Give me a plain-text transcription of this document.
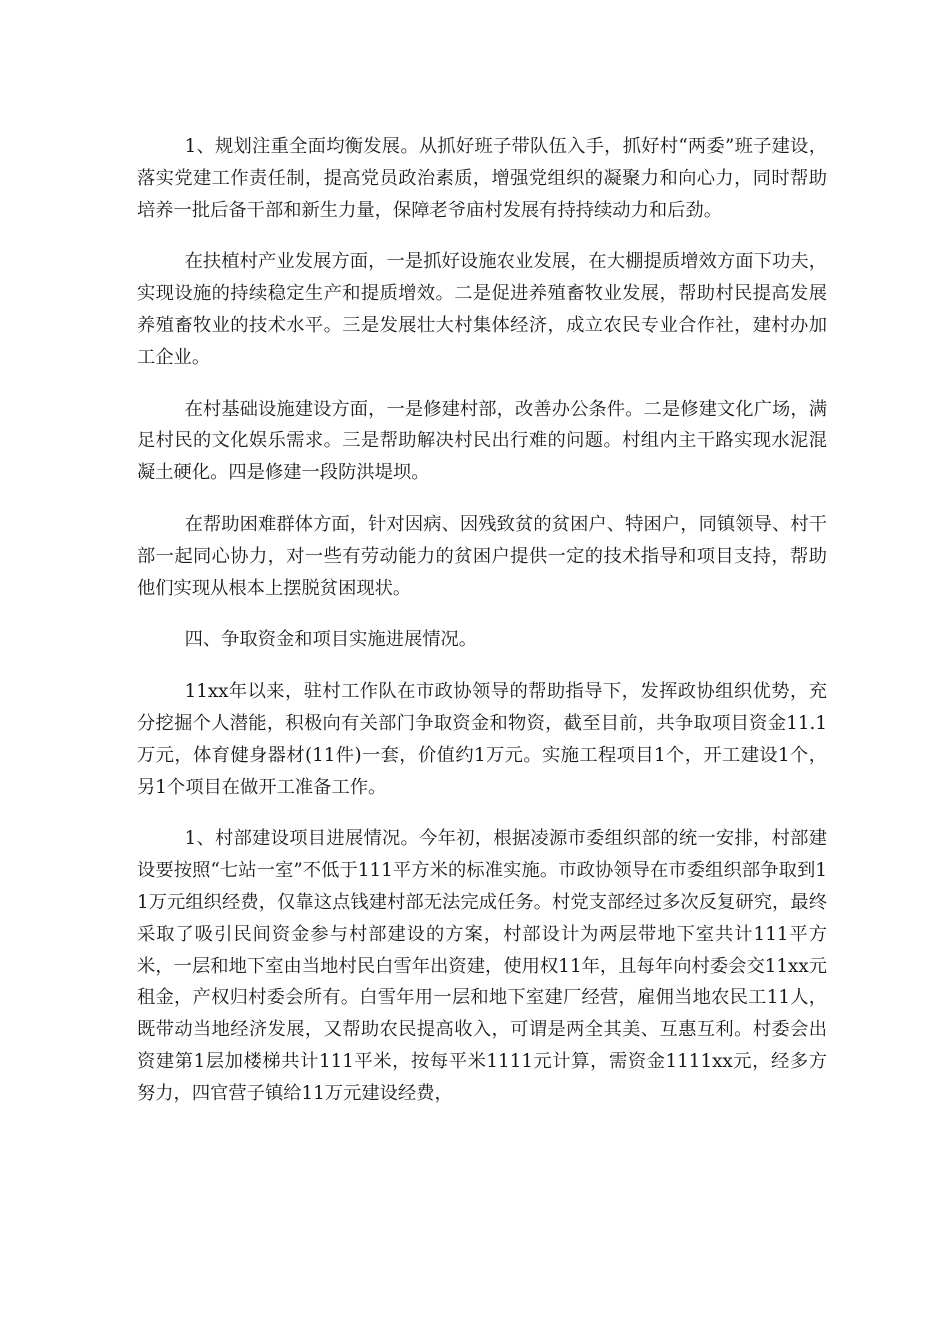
1、规划注重全面均衡发展。从抓好班子带队伍入手，抓好村“两委”班子建设，落实党建工作责任制，提高党员政治素质，增强党组织的凝聚力和向心力，同时帮助培养一批后备干部和新生力量，保障老爷庙村发展有持持续动力和后劲。

在扶植村产业发展方面，一是抓好设施农业发展，在大棚提质增效方面下功夫，实现设施的持续稳定生产和提质增效。二是促进养殖畜牧业发展，帮助村民提高发展养殖畜牧业的技术水平。三是发展壮大村集体经济，成立农民专业合作社，建村办加工企业。

在村基础设施建设方面，一是修建村部，改善办公条件。二是修建文化广场，满足村民的文化娱乐需求。三是帮助解决村民出行难的问题。村组内主干路实现水泥混凝土硬化。四是修建一段防洪堤坝。

在帮助困难群体方面，针对因病、因残致贫的贫困户、特困户，同镇领导、村干部一起同心协力，对一些有劳动能力的贫困户提供一定的技术指导和项目支持，帮助他们实现从根本上摆脱贫困现状。

四、争取资金和项目实施进展情况。

11xx年以来，驻村工作队在市政协领导的帮助指导下，发挥政协组织优势，充分挖掘个人潜能，积极向有关部门争取资金和物资，截至目前，共争取项目资金11.1万元，体育健身器材(11件)一套，价值约1万元。实施工程项目1个，开工建设1个，另1个项目在做开工准备工作。

1、村部建设项目进展情况。今年初，根据凌源市委组织部的统一安排，村部建设要按照“七站一室”不低于111平方米的标准实施。市政协领导在市委组织部争取到11万元组织经费，仅靠这点钱建村部无法完成任务。村党支部经过多次反复研究，最终采取了吸引民间资金参与村部建设的方案，村部设计为两层带地下室共计111平方米，一层和地下室由当地村民白雪年出资建，使用权11年，且每年向村委会交11xx元租金，产权归村委会所有。白雪年用一层和地下室建厂经营，雇佣当地农民工11人，既带动当地经济发展，又帮助农民提高收入，可谓是两全其美、互惠互利。村委会出资建第1层加楼梯共计111平米，按每平米1111元计算，需资金1111xx元，经多方努力，四官营子镇给11万元建设经费，
